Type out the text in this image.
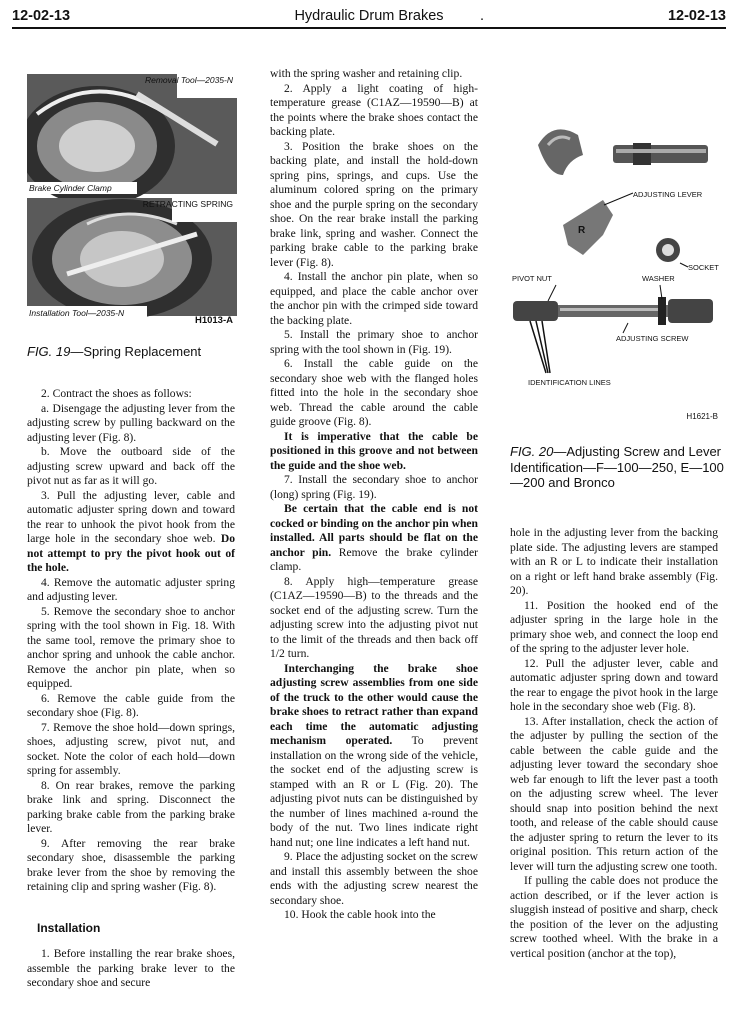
12-02-13	Hydraulic Drum Brakes	.	12-02-13
Removal Tool—2035-N
Brake Cylinder Clamp
RETRACTING SPRING
Installation Tool—2035-N
H1013-A
FIG. 19—Spring Replacement

2. Contract the shoes as follows:

a. Disengage the adjusting lever from the adjusting screw by pulling backward on the adjusting lever (Fig. 8).

b. Move the outboard side of the adjusting screw upward and back off the pivot nut as far as it will go.

3. Pull the adjusting lever, cable and automatic adjuster spring down and toward the rear to unhook the pivot hook from the large hole in the secondary shoe web. Do not attempt to pry the pivot hook out of the hole.

4. Remove the automatic adjuster spring and adjusting lever.

5. Remove the secondary shoe to anchor spring with the tool shown in Fig. 18. With the same tool, remove the primary shoe to anchor spring and unhook the cable anchor. Remove the anchor pin plate, when so equipped.

6. Remove the cable guide from the secondary shoe (Fig. 8).

7. Remove the shoe hold—down springs, shoes, adjusting screw, pivot nut, and socket. Note the color of each hold—down spring for assembly.

8. On rear brakes, remove the parking brake link and spring. Disconnect the parking brake cable from the parking brake lever.

9. After removing the rear brake secondary shoe, disassemble the parking brake lever from the shoe by removing the retaining clip and spring washer (Fig. 8).

Installation

1. Before installing the rear brake shoes, assemble the parking brake lever to the secondary shoe and secure

with the spring washer and retaining clip.

2. Apply a light coating of high-temperature grease (C1AZ—19590—B) at the points where the brake shoes contact the backing plate.

3. Position the brake shoes on the backing plate, and install the hold-down spring pins, springs, and cups. Use the aluminum colored spring on the primary shoe and the purple spring on the secondary shoe. On the rear brake install the parking brake link, spring and washer. Connect the parking brake cable to the parking brake lever (Fig. 8).

4. Install the anchor pin plate, when so equipped, and place the cable anchor over the anchor pin with the crimped side toward the backing plate.

5. Install the primary shoe to anchor spring with the tool shown in (Fig. 19).

6. Install the cable guide on the secondary shoe web with the flanged holes fitted into the hole in the secondary shoe web. Thread the cable around the cable guide groove (Fig. 8).

It is imperative that the cable be positioned in this groove and not between the guide and the shoe web.

7. Install the secondary shoe to anchor (long) spring (Fig. 19).

Be certain that the cable end is not cocked or binding on the anchor pin when installed. All parts should be flat on the anchor pin. Remove the brake cylinder clamp.

8. Apply high—temperature grease (C1AZ—19590—B) to the threads and the socket end of the adjusting screw. Turn the adjusting screw into the adjusting pivot nut to the limit of the threads and then back off 1/2 turn.

Interchanging the brake shoe adjusting screw assemblies from one side of the truck to the other would cause the brake shoes to retract rather than expand each time the automatic adjusting mechanism operated. To prevent installation on the wrong side of the vehicle, the socket end of the adjusting screw is stamped with an R or L (Fig. 20). The adjusting pivot nuts can be distinguished by the number of lines machined a-round the body of the nut. Two lines indicate right hand nut; one line indicates a left hand nut.

9. Place the adjusting socket on the screw and install this assembly between the shoe ends with the adjusting screw nearest the secondary shoe.

10. Hook the cable hook into the

R
ADJUSTING LEVER
SOCKET
WASHER
PIVOT NUT
ADJUSTING SCREW
IDENTIFICATION LINES
H1621-B
FIG. 20—Adjusting Screw and Lever Identification—F—100—250, E—100—200 and Bronco

hole in the adjusting lever from the backing plate side. The adjusting levers are stamped with an R or L to indicate their installation on a right or left hand brake assembly (Fig. 20).

11. Position the hooked end of the adjuster spring in the large hole in the primary shoe web, and connect the loop end of the spring to the adjuster lever hole.

12. Pull the adjuster lever, cable and automatic adjuster spring down and toward the rear to engage the pivot hook in the large hole in the secondary shoe web (Fig. 8).

13. After installation, check the action of the adjuster by pulling the section of the cable between the cable guide and the adjusting lever toward the secondary shoe web far enough to lift the lever past a tooth on the adjusting screw wheel. The lever should snap into position behind the next tooth, and release of the cable should cause the adjuster spring to return the lever to its original position. This return action of the lever will turn the adjusting screw one tooth.

If pulling the cable does not produce the action described, or if the lever action is sluggish instead of positive and sharp, check the position of the lever on the adjusting screw toothed wheel. With the brake in a vertical position (anchor at the top),
